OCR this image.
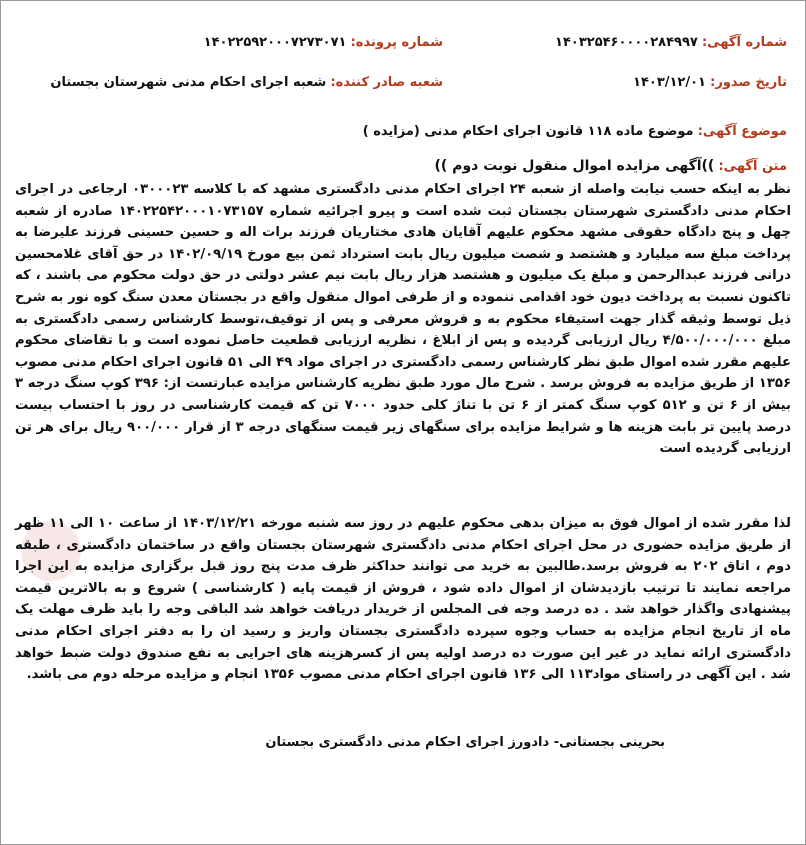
شماره آگهی: ۱۴۰۳۲۵۴۶۰۰۰۰۲۸۴۹۹۷
شماره پرونده: ۱۴۰۲۲۵۹۲۰۰۰۷۲۷۳۰۷۱
تاریخ صدور: ۱۴۰۳/۱۲/۰۱
شعبه صادر کننده: شعبه اجرای احکام مدنی شهرستان بجستان
موضوع آگهی: موضوع ماده ۱۱۸ قانون اجرای احکام مدنی (مزایده )
متن آگهی: ))آگهی مزایده اموال منقول نوبت دوم ))

نظر به اینکه حسب نیابت واصله از شعبه ۲۴ اجرای احکام مدنی دادگستری مشهد که با کلاسه ۰۳۰۰۰۲۳ ارجاعی در اجرای احکام مدنی دادگستری شهرستان بجستان ثبت شده است و پیرو اجرائیه شماره ۱۴۰۲۲۵۴۲۰۰۰۱۰۷۳۱۵۷ صادره از شعبه چهل و پنج دادگاه حقوقی مشهد محکوم علیهم آقایان هادی مختاریان فرزند برات اله و حسین حسینی فرزند علیرضا به پرداخت مبلغ سه میلیارد و هشتصد و شصت میلیون ریال بابت استرداد ثمن بیع مورخ ۱۴۰۲/۰۹/۱۹ در حق آقای غلامحسین درانی فرزند عبدالرحمن و مبلغ یک میلیون و هشتصد هزار ریال بابت نیم عشر دولتی در حق دولت محکوم می باشند ، که تاکنون نسبت به پرداخت دیون خود اقدامی ننموده و از طرفی اموال منقول واقع در بجستان معدن سنگ کوه نور به شرح ذیل توسط وثیقه گذار جهت استیفاء محکوم به و فروش معرفی و پس از توقیف،توسط کارشناس رسمی دادگستری به مبلغ ۴/۵۰۰/۰۰۰/۰۰۰ ریال ارزیابی گردیده و پس از ابلاغ ، نظریه ارزیابی قطعیت حاصل نموده است و با تقاضای محکوم علیهم مقرر شده اموال طبق نظر کارشناس رسمی دادگستری در اجرای مواد ۴۹ الی ۵۱ قانون اجرای احکام مدنی مصوب ۱۳۵۶ از طریق مزایده به فروش برسد . شرح مال مورد طبق نظریه کارشناس مزایده عبارتست از: ۳۹۶ کوپ سنگ درجه ۳ بیش از ۶ تن و ۵۱۲ کوپ سنگ کمتر از ۶ تن با تناژ کلی حدود ۷۰۰۰ تن که قیمت کارشناسی در روز با احتساب بیست درصد پایین تر بابت هزینه ها و شرایط مزایده برای سنگهای زیر قیمت سنگهای درجه ۳ از قرار ۹۰۰/۰۰۰ ریال برای هر تن ارزیابی گردیده است

لذا مقرر شده از اموال فوق به میزان بدهی محکوم علیهم در روز سه شنبه مورخه ۱۴۰۳/۱۲/۲۱ از ساعت ۱۰ الی ۱۱ ظهر از طریق مزایده حضوری در محل اجرای احکام مدنی دادگستری شهرستان بجستان واقع در ساختمان دادگستری ، طبقه دوم ، اتاق ۲۰۲ به فروش برسد.طالبین به خرید می توانند حداکثر ظرف مدت پنج روز قبل برگزاری مزایده به این اجرا مراجعه نمایند تا ترتیب بازدیدشان از اموال داده شود ، فروش از قیمت پایه ( کارشناسی ) شروع و به بالاترین قیمت پیشنهادی واگذار خواهد شد . ده درصد وجه فی المجلس از خریدار دریافت خواهد شد الباقی وجه را باید ظرف مهلت یک ماه از تاریخ انجام مزایده به حساب وجوه سپرده دادگستری بجستان واریز و رسید ان را به دفتر اجرای احکام مدنی دادگستری ارائه نماید در غیر این صورت ده درصد اولیه پس از کسرهزینه های اجرایی به نفع صندوق دولت ضبط خواهد شد . این آگهی در راستای مواد۱۱۳ الی ۱۳۶ قانون اجرای احکام مدنی مصوب ۱۳۵۶ انجام و مزایده مرحله دوم می باشد.

بحرینی بجستانی- دادورز اجرای احکام مدنی دادگستری بجستان
